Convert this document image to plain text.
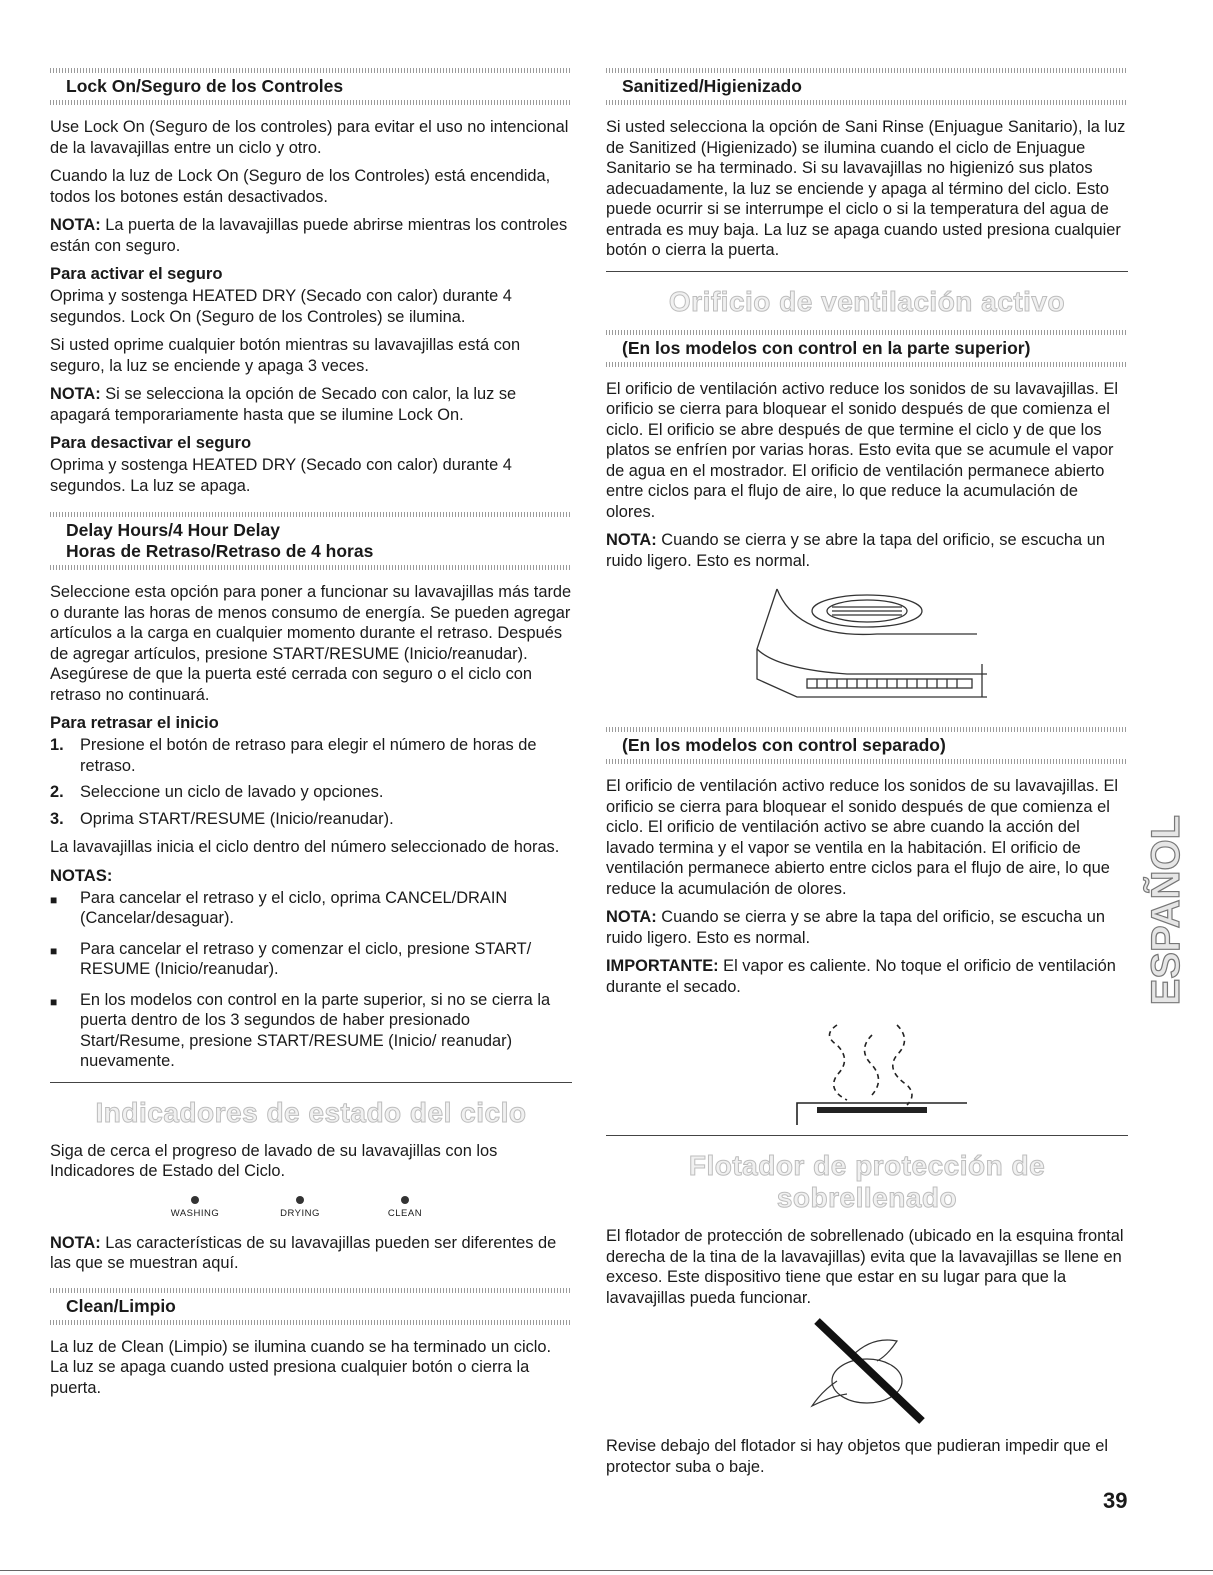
Lock On/Seguro de los Controles

Use Lock On (Seguro de los controles) para evitar el uso no intencional de la lavavajillas entre un ciclo y otro.

Cuando la luz de Lock On (Seguro de los Controles) está encendida, todos los botones están desactivados.

NOTA: La puerta de la lavavajillas puede abrirse mientras los controles están con seguro.

Para activar el seguro

Oprima y sostenga HEATED DRY (Secado con calor) durante 4 segundos. Lock On (Seguro de los Controles) se ilumina.

Si usted oprime cualquier botón mientras su lavavajillas está con seguro, la luz se enciende y apaga 3 veces.

NOTA: Si se selecciona la opción de Secado con calor, la luz se apagará temporariamente hasta que se ilumine Lock On.

Para desactivar el seguro

Oprima y sostenga HEATED DRY (Secado con calor) durante 4 segundos. La luz se apaga.

Delay Hours/4 Hour Delay
Horas de Retraso/Retraso de 4 horas

Seleccione esta opción para poner a funcionar su lavavajillas más tarde o durante las horas de menos consumo de energía. Se pueden agregar artículos a la carga en cualquier momento durante el retraso. Después de agregar artículos, presione START/RESUME (Inicio/reanudar). Asegúrese de que la puerta esté cerrada con seguro o el ciclo con retraso no continuará.

Para retrasar el inicio
1. Presione el botón de retraso para elegir el número de horas de retraso.
2. Seleccione un ciclo de lavado y opciones.
3. Oprima START/RESUME (Inicio/reanudar).

La lavavajillas inicia el ciclo dentro del número seleccionado de horas.

NOTAS:
■	Para cancelar el retraso y el ciclo, oprima CANCEL/DRAIN (Cancelar/desaguar).
■	Para cancelar el retraso y comenzar el ciclo, presione START/ RESUME (Inicio/reanudar).
■	En los modelos con control en la parte superior, si no se cierra la puerta dentro de los 3 segundos de haber presionado Start/Resume, presione START/RESUME (Inicio/ reanudar) nuevamente.
Indicadores de estado del ciclo

Siga de cerca el progreso de lavado de su lavavajillas con los Indicadores de Estado del Ciclo.

WASHING	DRYING	CLEAN

NOTA: Las características de su lavavajillas pueden ser diferentes de las que se muestran aquí.

Clean/Limpio

La luz de Clean (Limpio) se ilumina cuando se ha terminado un ciclo. La luz se apaga cuando usted presiona cualquier botón o cierra la puerta.

Sanitized/Higienizado

Si usted selecciona la opción de Sani Rinse (Enjuague Sanitario), la luz de Sanitized (Higienizado) se ilumina cuando el ciclo de Enjuague Sanitario se ha terminado. Si su lavavajillas no higienizó sus platos adecuadamente, la luz se enciende y apaga al término del ciclo. Esto puede ocurrir si se interrumpe el ciclo o si la temperatura del agua de entrada es muy baja. La luz se apaga cuando usted presiona cualquier botón o cierra la puerta.

Orificio de ventilación activo
(En los modelos con control en la parte superior)

El orificio de ventilación activo reduce los sonidos de su lavavajillas. El orificio se cierra para bloquear el sonido después de que comienza el ciclo. El orificio se abre después de que termine el ciclo y de que los platos se enfríen por varias horas. Esto evita que se acumule el vapor de agua en el mostrador. El orificio de ventilación permanece abierto entre ciclos para el flujo de aire, lo que reduce la acumulación de olores.

NOTA: Cuando se cierra y se abre la tapa del orificio, se escucha un ruido ligero. Esto es normal.

(En los modelos con control separado)

El orificio de ventilación activo reduce los sonidos de su lavavajillas. El orificio se cierra para bloquear el sonido después de que comienza el ciclo. El orificio de ventilación activo se abre cuando la acción del lavado termina y el vapor se ventila en la habitación. El orificio de ventilación permanece abierto entre ciclos para el flujo de aire, lo que reduce la acumulación de olores.

NOTA: Cuando se cierra y se abre la tapa del orificio, se escucha un ruido ligero. Esto es normal.

IMPORTANTE: El vapor es caliente. No toque el orificio de ventilación durante el secado.

Flotador de protección de sobrellenado

El flotador de protección de sobrellenado (ubicado en la esquina frontal derecha de la tina de la lavavajillas) evita que la lavavajillas se llene en exceso. Este dispositivo tiene que estar en su lugar para que la lavavajillas pueda funcionar.

Revise debajo del flotador si hay objetos que pudieran impedir que el protector suba o baje.

ESPAÑOL
39
